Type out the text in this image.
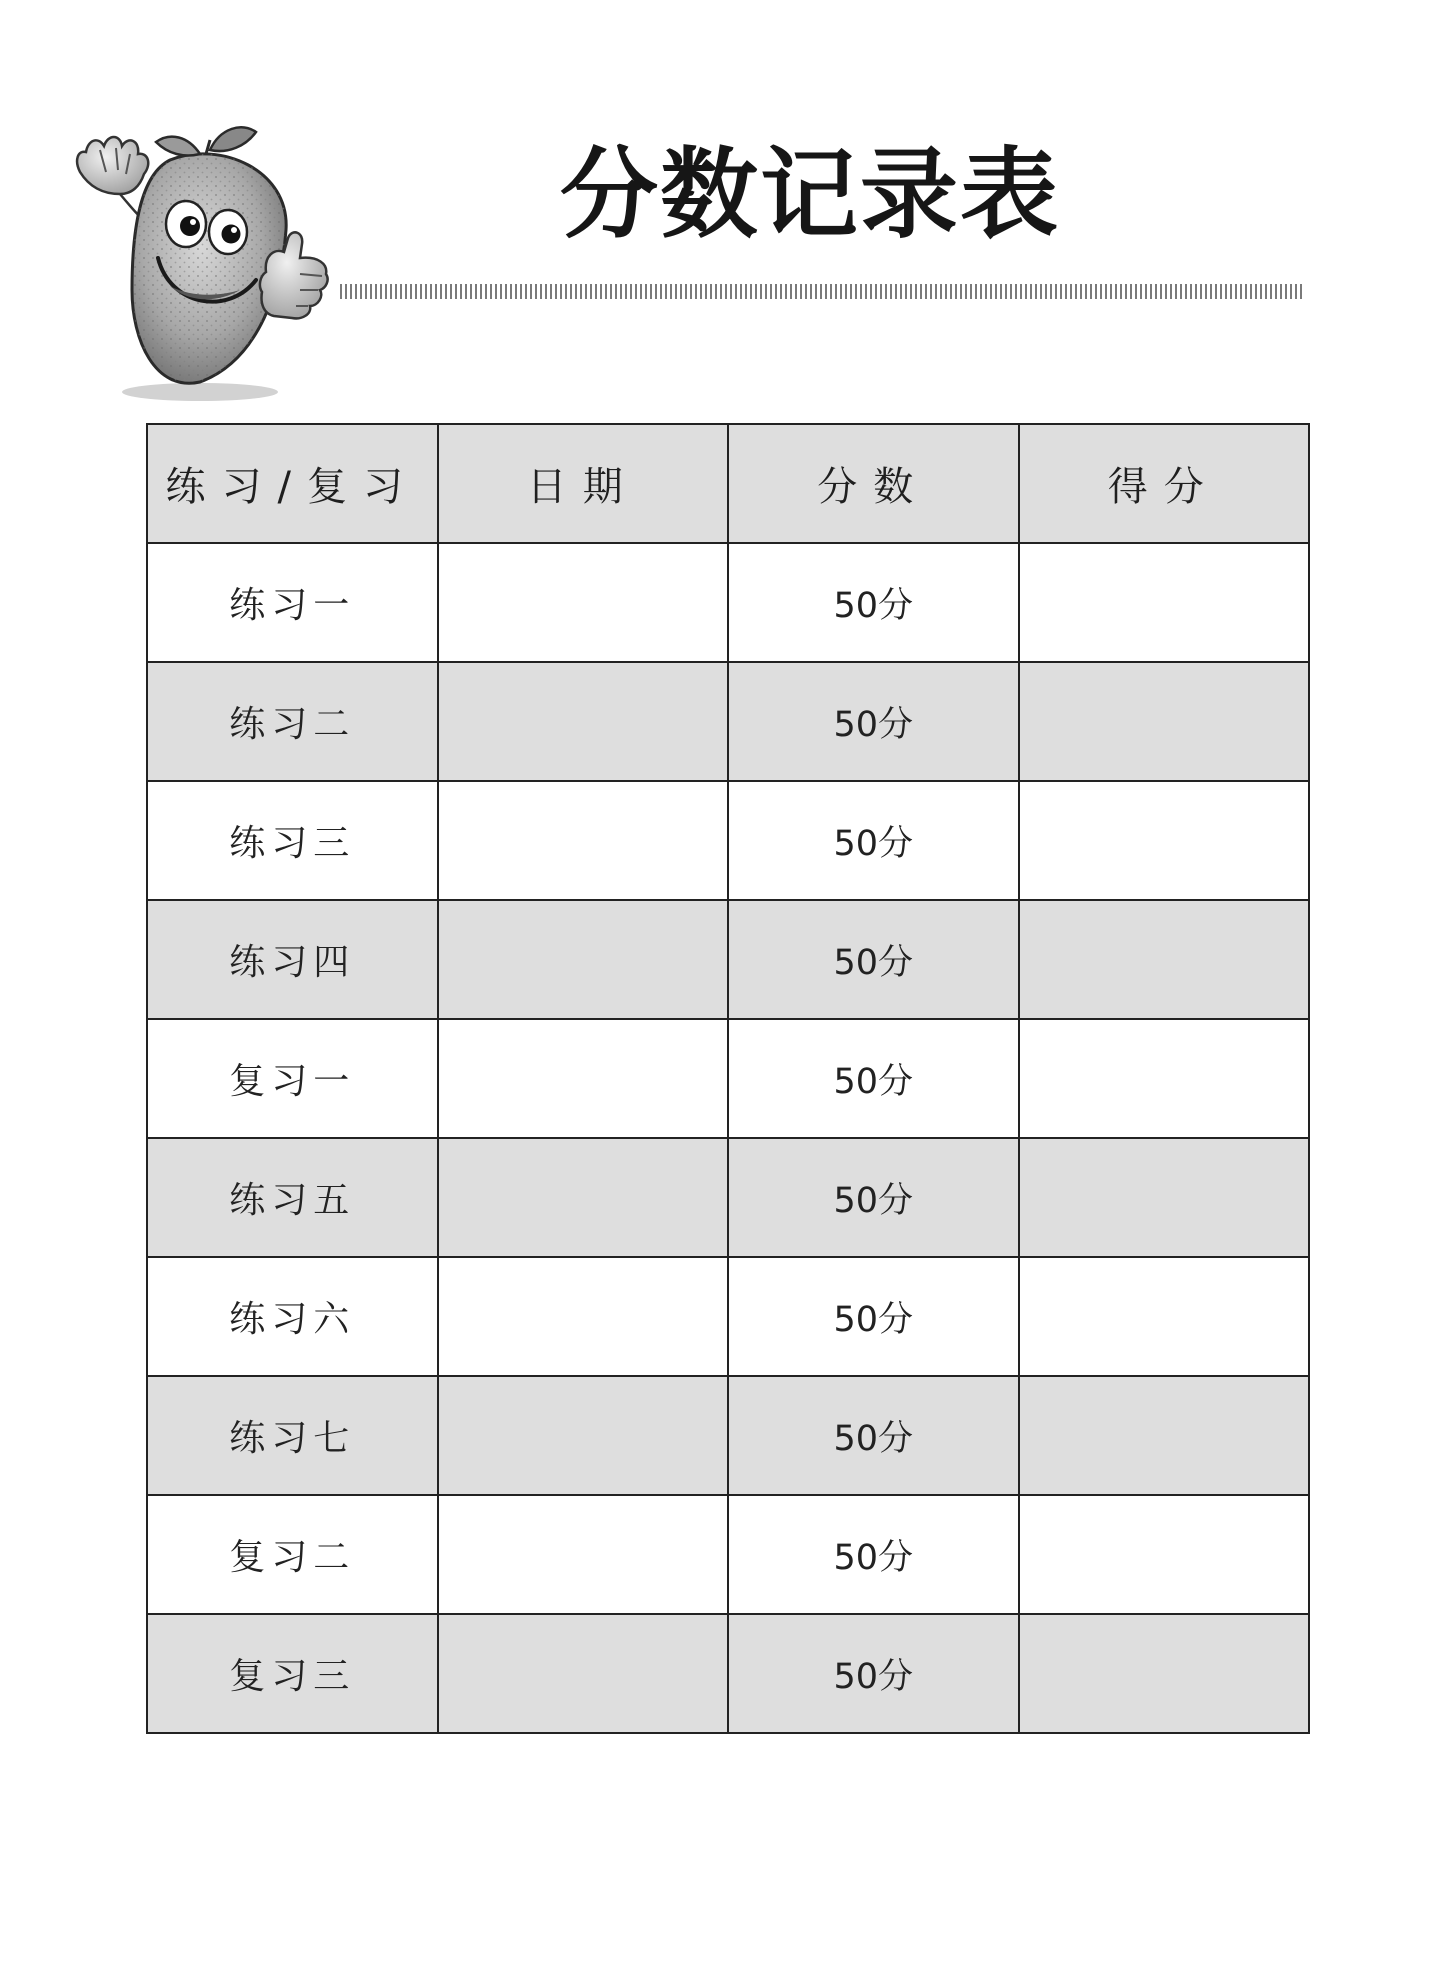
分数记录表
练习/复习	日期	分数	得分
练习一		50分	
练习二		50分	
练习三		50分	
练习四		50分	
复习一		50分	
练习五		50分	
练习六		50分	
练习七		50分	
复习二		50分	
复习三		50分	
